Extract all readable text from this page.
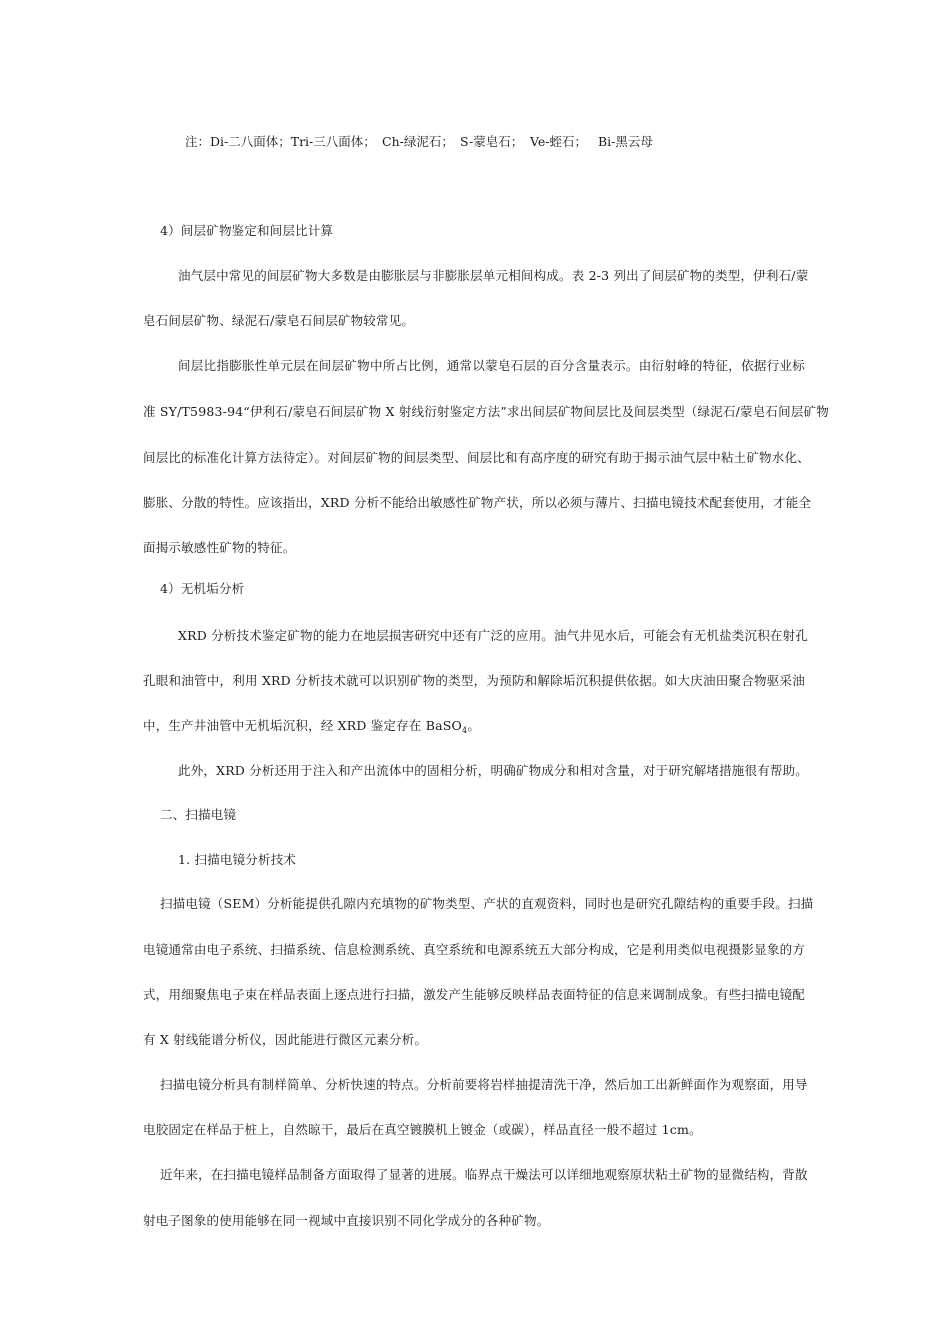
注：Di-二八面体；Tri-三八面体； Ch-绿泥石； S-蒙皂石； Ve-蛭石； Bi-黑云母
4）间层矿物鉴定和间层比计算
油气层中常见的间层矿物大多数是由膨胀层与非膨胀层单元相间构成。表 2-3 列出了间层矿物的类型，伊利石/蒙
皂石间层矿物、绿泥石/蒙皂石间层矿物较常见。
间层比指膨胀性单元层在间层矿物中所占比例，通常以蒙皂石层的百分含量表示。由衍射峰的特征，依据行业标
准 SY/T5983-94“伊利石/蒙皂石间层矿物 X 射线衍射鉴定方法”求出间层矿物间层比及间层类型（绿泥石/蒙皂石间层矿物
间层比的标准化计算方法待定）。对间层矿物的间层类型、间层比和有高序度的研究有助于揭示油气层中粘土矿物水化、
膨胀、分散的特性。应该指出，XRD 分析不能给出敏感性矿物产状，所以必须与薄片、扫描电镜技术配套使用，才能全
面揭示敏感性矿物的特征。
4）无机垢分析
XRD 分析技术鉴定矿物的能力在地层损害研究中还有广泛的应用。油气井见水后，可能会有无机盐类沉积在射孔
孔眼和油管中，利用 XRD 分析技术就可以识别矿物的类型，为预防和解除垢沉积提供依据。如大庆油田聚合物驱采油
中，生产井油管中无机垢沉积，经 XRD 鉴定存在 BaSO$_4$。
此外，XRD 分析还用于注入和产出流体中的固相分析，明确矿物成分和相对含量，对于研究解堵措施很有帮助。
二、扫描电镜
1. 扫描电镜分析技术
扫描电镜（SEM）分析能提供孔隙内充填物的矿物类型、产状的直观资料，同时也是研究孔隙结构的重要手段。扫描
电镜通常由电子系统、扫描系统、信息检测系统、真空系统和电源系统五大部分构成，它是利用类似电视摄影显象的方
式，用细聚焦电子束在样品表面上逐点进行扫描，激发产生能够反映样品表面特征的信息来调制成象。有些扫描电镜配
有 X 射线能谱分析仪，因此能进行微区元素分析。
扫描电镜分析具有制样简单、分析快速的特点。分析前要将岩样抽提清洗干净，然后加工出新鲜面作为观察面，用导
电胶固定在样品于桩上，自然晾干，最后在真空镀膜机上镀金（或碳），样品直径一般不超过 1cm。
近年来，在扫描电镜样品制备方面取得了显著的进展。临界点干燥法可以详细地观察原状粘土矿物的显微结构，背散
射电子图象的使用能够在同一视域中直接识别不同化学成分的各种矿物。
